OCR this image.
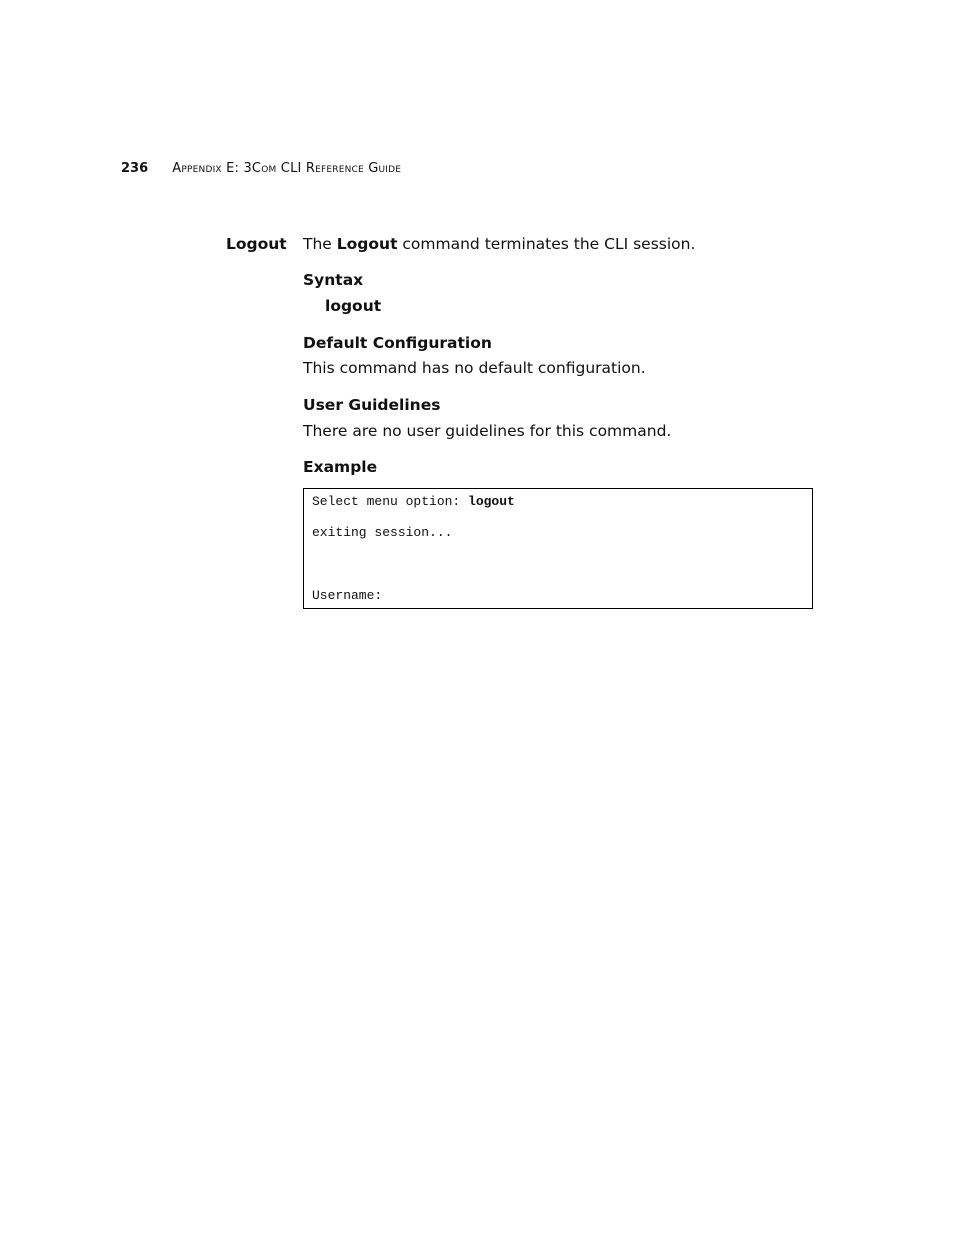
236 Appendix E: 3Com CLI Reference Guide
Logout The Logout command terminates the CLI session.
Syntax
logout
Default Configuration
This command has no default configuration.
User Guidelines
There are no user guidelines for this command.
Example
Select menu option: logout
exiting session...
Username:
